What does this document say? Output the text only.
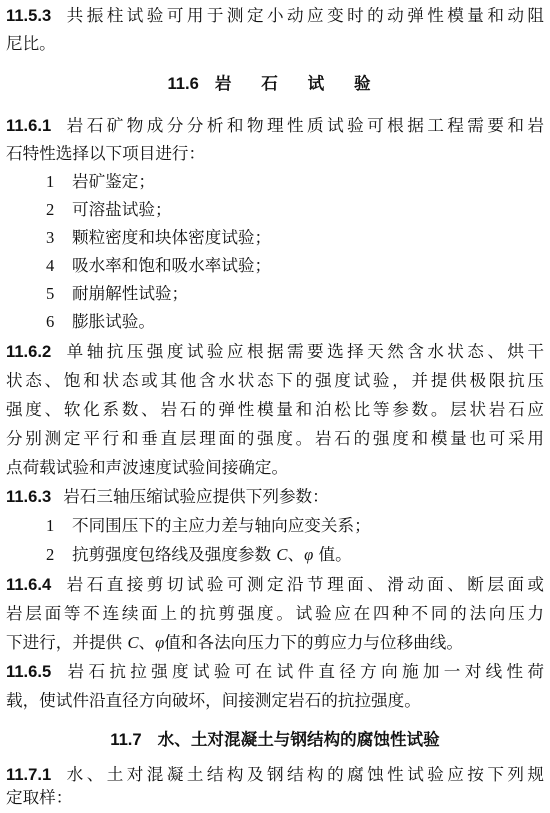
11.5.3 共振柱试验可用于测定小动应变时的动弹性模量和动阻
尼比。
11.6 岩 石 试 验
11.6.1 岩石矿物成分分析和物理性质试验可根据工程需要和岩
石特性选择以下项目进行：
1 岩矿鉴定；
2 可溶盐试验；
3 颗粒密度和块体密度试验；
4 吸水率和饱和吸水率试验；
5 耐崩解性试验；
6 膨胀试验。
11.6.2 单轴抗压强度试验应根据需要选择天然含水状态、烘干
状态、饱和状态或其他含水状态下的强度试验，并提供极限抗压
强度、软化系数、岩石的弹性模量和泊松比等参数。层状岩石应
分别测定平行和垂直层理面的强度。岩石的强度和模量也可采用
点荷载试验和声波速度试验间接确定。
11.6.3 岩石三轴压缩试验应提供下列参数：
1 不同围压下的主应力差与轴向应变关系；
2 抗剪强度包络线及强度参数 C、φ 值。
11.6.4 岩石直接剪切试验可测定沿节理面、滑动面、断层面或
岩层面等不连续面上的抗剪强度。试验应在四种不同的法向压力
下进行，并提供 C、φ值和各法向压力下的剪应力与位移曲线。
11.6.5 岩石抗拉强度试验可在试件直径方向施加一对线性荷
载，使试件沿直径方向破坏，间接测定岩石的抗拉强度。
11.7 水、土对混凝土与钢结构的腐蚀性试验
11.7.1 水、土对混凝土结构及钢结构的腐蚀性试验应按下列规
定取样：
